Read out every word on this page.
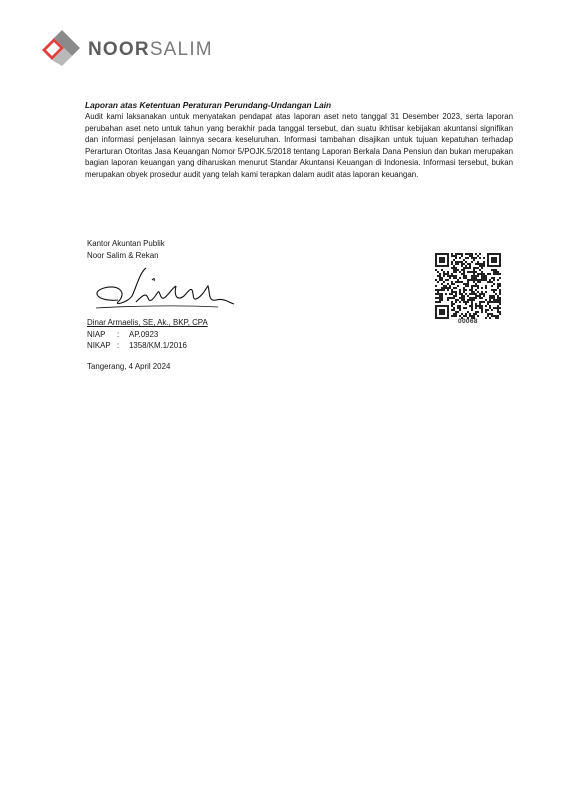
NOORSALIM
Laporan atas Ketentuan Peraturan Perundang-Undangan Lain

Audit kami laksanakan untuk menyatakan pendapat atas laporan aset neto tanggal 31 Desember 2023, serta laporan perubahan aset neto untuk tahun yang berakhir pada tanggal tersebut, dan suatu ikhtisar kebijakan akuntansi signifikan dan informasi penjelasan lainnya secara keseluruhan. Informasi tambahan disajikan untuk tujuan kepatuhan terhadap Perarturan Otoritas Jasa Keuangan Nomor 5/POJK.5/2018 tentang Laporan Berkala Dana Pensiun dan bukan merupakan bagian laporan keuangan yang diharuskan menurut Standar Akuntansi Keuangan di Indonesia. Informasi tersebut, bukan merupakan obyek prosedur audit yang telah kami terapkan dalam audit atas laporan keuangan.

Kantor Akuntan Publik
Noor Salim & Rekan
Dinar Armaelis, SE, Ak., BKP, CPA
NIAP	:	AP.0923
NIKAP :	1358/KM.1/2016
Tangerang, 4 April 2024
00068
